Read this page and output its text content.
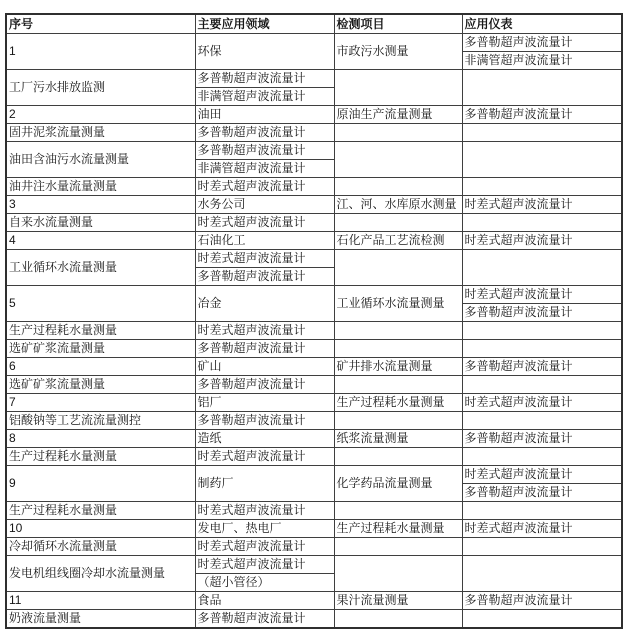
序号	主要应用领域	检测项目	应用仪表
1	环保	市政污水测量	多普勒超声波流量计
			非满管超声波流量计
工厂污水排放监测	多普勒超声波流量计		
	非满管超声波流量计		
2	油田	原油生产流量测量	多普勒超声波流量计
固井泥浆流量测量	多普勒超声波流量计		
油田含油污水流量测量	多普勒超声波流量计		
	非满管超声波流量计		
油井注水量流量测量	时差式超声波流量计		
3	水务公司	江、河、水库原水测量	时差式超声波流量计
自来水流量测量	时差式超声波流量计		
4	石油化工	石化产品工艺流检测	时差式超声波流量计
工业循环水流量测量	时差式超声波流量计		
	多普勒超声波流量计		
5	冶金	工业循环水流量测量	时差式超声波流量计
			多普勒超声波流量计
生产过程耗水量测量	时差式超声波流量计		
选矿矿浆流量测量	多普勒超声波流量计		
6	矿山	矿井排水流量测量	多普勒超声波流量计
选矿矿浆流量测量	多普勒超声波流量计		
7	铝厂	生产过程耗水量测量	时差式超声波流量计
铝酸钠等工艺流流量测控	多普勒超声波流量计		
8	造纸	纸浆流量测量	多普勒超声波流量计
生产过程耗水量测量	时差式超声波流量计		
9	制药厂	化学药品流量测量	时差式超声波流量计
			多普勒超声波流量计
生产过程耗水量测量	时差式超声波流量计		
10	发电厂、热电厂	生产过程耗水量测量	时差式超声波流量计
冷却循环水流量测量	时差式超声波流量计		
发电机组线圈冷却水流量测量	时差式超声波流量计		
	（超小管径）		
11	食品	果汁流量测量	多普勒超声波流量计
奶液流量测量	多普勒超声波流量计		
